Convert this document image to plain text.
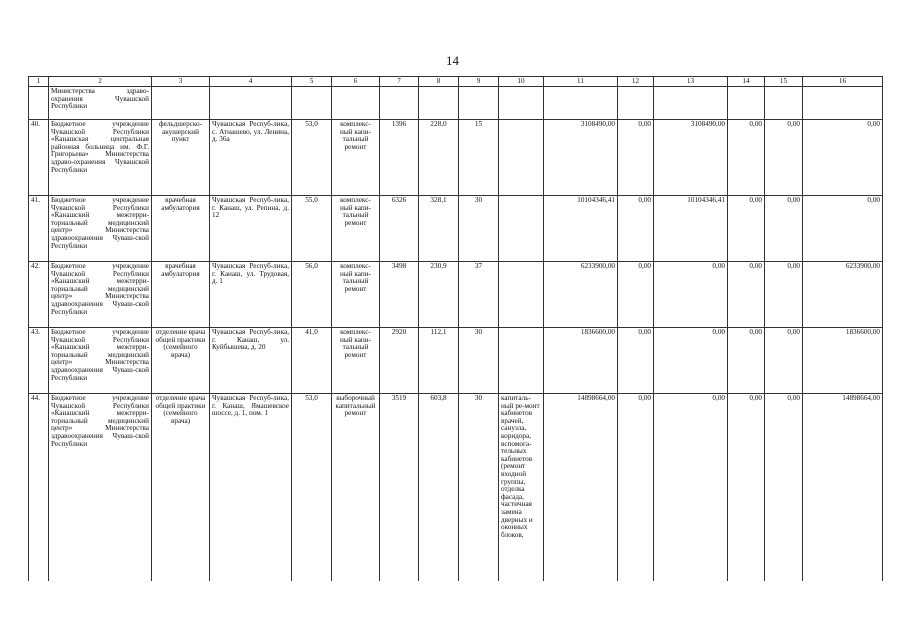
14
1	2	3	4	5	6	7	8	9	10	11	12	13	14	15	16
	Министерства здраво-охранения Чувашской Республики														
40.	Бюджетное учреждение Чувашской Республики «Канашская центральная районная больница им. Ф.Г. Григорьева» Министерства здраво-охранения Чувашской Республики	фельдшерско-акушерский пункт	Чувашская Респуб-лика, с. Атнашево, ул. Ленина, д. 36а	53,0	комплекс-ный капи-тальный ремонт	1396	228,0	15		3108490,00	0,00	3108490,00	0,00	0,00	0,00
41.	Бюджетное учреждение Чувашской Республики «Канашский межтерри-ториальный медицинский центр» Министерства здравоохранения Чуваш-ской Республики	врачебная амбулатория	Чувашская Респуб-лика, г. Канаш, ул. Репина, д. 12	55,0	комплекс-ный капи-тальный ремонт	6326	328,1	30		10104346,41	0,00	10104346,41	0,00	0,00	0,00
42.	Бюджетное учреждение Чувашской Республики «Канашский межтерри-ториальный медицинский центр» Министерства здравоохранения Чуваш-ской Республики	врачебная амбулатория	Чувашская Респуб-лика, г. Канаш, ул. Трудовая, д. 1	56,0	комплекс-ный капи-тальный ремонт	3498	230,9	37		6233900,00	0,00	0,00	0,00	0,00	6233900,00
43.	Бюджетное учреждение Чувашской Республики «Канашский межтерри-ториальный медицинский центр» Министерства здравоохранения Чуваш-ской Республики	отделение врача общей практики (семейного врача)	Чувашская Респуб-лика, г. Канаш, ул. Куйбышева, д. 20	41,0	комплекс-ный капи-тальный ремонт	2920	112,1	30		1836600,00	0,00	0,00	0,00	0,00	1836600,00
44.	Бюджетное учреждение Чувашской Республики «Канашский межтерри-ториальный медицинский центр» Министерства здравоохранения Чуваш-ской Республики	отделение врача общей практики (семейного врача)	Чувашская Респуб-лика, г. Канаш, Ямашевское шоссе, д. 1, пом. 1	53,0	выборочный капитальный ремонт	3519	603,8	30	капиталь-ный ре-монт кабинетов врачей, санузла, коридора, вспомога-тельных кабинетов (ремонт входной группы, отделка фасада, частичная замена дверных и оконных блоков,	14898664,00	0,00	0,00	0,00	0,00	14898664,00
